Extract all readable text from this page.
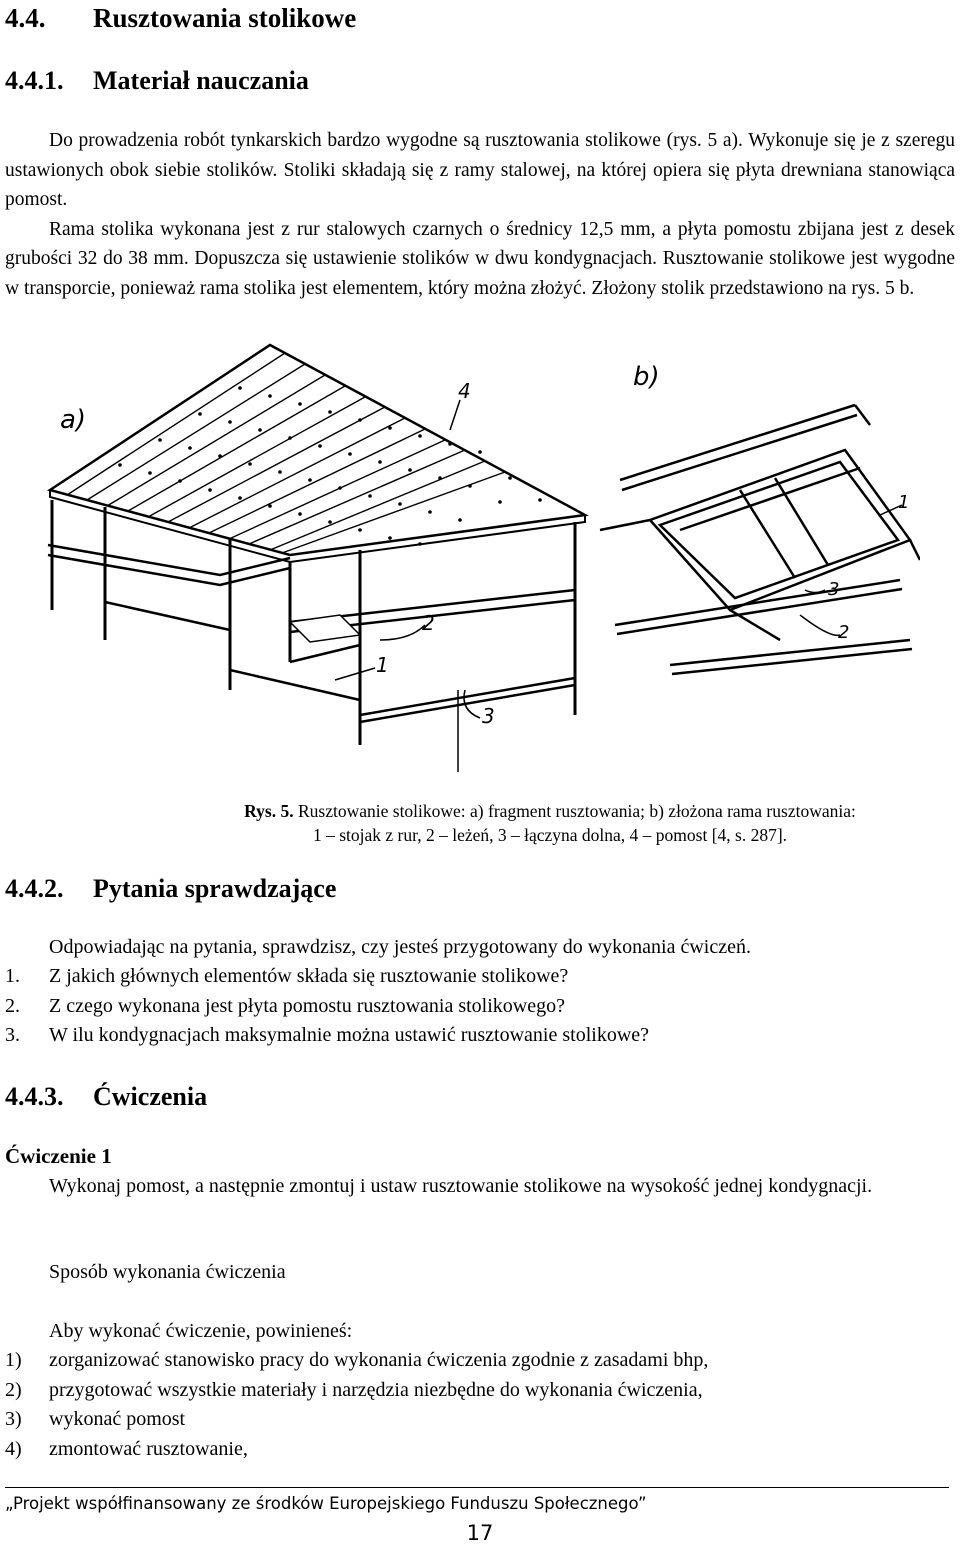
4.4. Rusztowania stolikowe
4.4.1. Materiał nauczania

Do prowadzenia robót tynkarskich bardzo wygodne są rusztowania stolikowe (rys. 5 a). Wykonuje się je z szeregu ustawionych obok siebie stolików. Stoliki składają się z ramy stalowej, na której opiera się płyta drewniana stanowiąca pomost.

Rama stolika wykonana jest z rur stalowych czarnych o średnicy 12,5 mm, a płyta pomostu zbijana jest z desek grubości 32 do 38 mm. Dopuszcza się ustawienie stolików w dwu kondygnacjach. Rusztowanie stolikowe jest wygodne w transporcie, ponieważ rama stolika jest elementem, który można złożyć. Złożony stolik przedstawiono na rys. 5 b.

a)
4
2
1
3
b)
1
3
2
Rys. 5. Rusztowanie stolikowe: a) fragment rusztowania; b) złożona rama rusztowania:
1 – stojak z rur, 2 – leżeń, 3 – łączyna dolna, 4 – pomost [4, s. 287].
4.4.2. Pytania sprawdzające

Odpowiadając na pytania, sprawdzisz, czy jesteś przygotowany do wykonania ćwiczeń.

1. Z jakich głównych elementów składa się rusztowanie stolikowe?
2. Z czego wykonana jest płyta pomostu rusztowania stolikowego?
3. W ilu kondygnacjach maksymalnie można ustawić rusztowanie stolikowe?
4.4.3. Ćwiczenia
Ćwiczenie 1

Wykonaj pomost, a następnie zmontuj i ustaw rusztowanie stolikowe na wysokość jednej kondygnacji.

Sposób wykonania ćwiczenia
Aby wykonać ćwiczenie, powinieneś:
1) zorganizować stanowisko pracy do wykonania ćwiczenia zgodnie z zasadami bhp,
2) przygotować wszystkie materiały i narzędzia niezbędne do wykonania ćwiczenia,
3) wykonać pomost
4) zmontować rusztowanie,
„Projekt współfinansowany ze środków Europejskiego Funduszu Społecznego”
17
